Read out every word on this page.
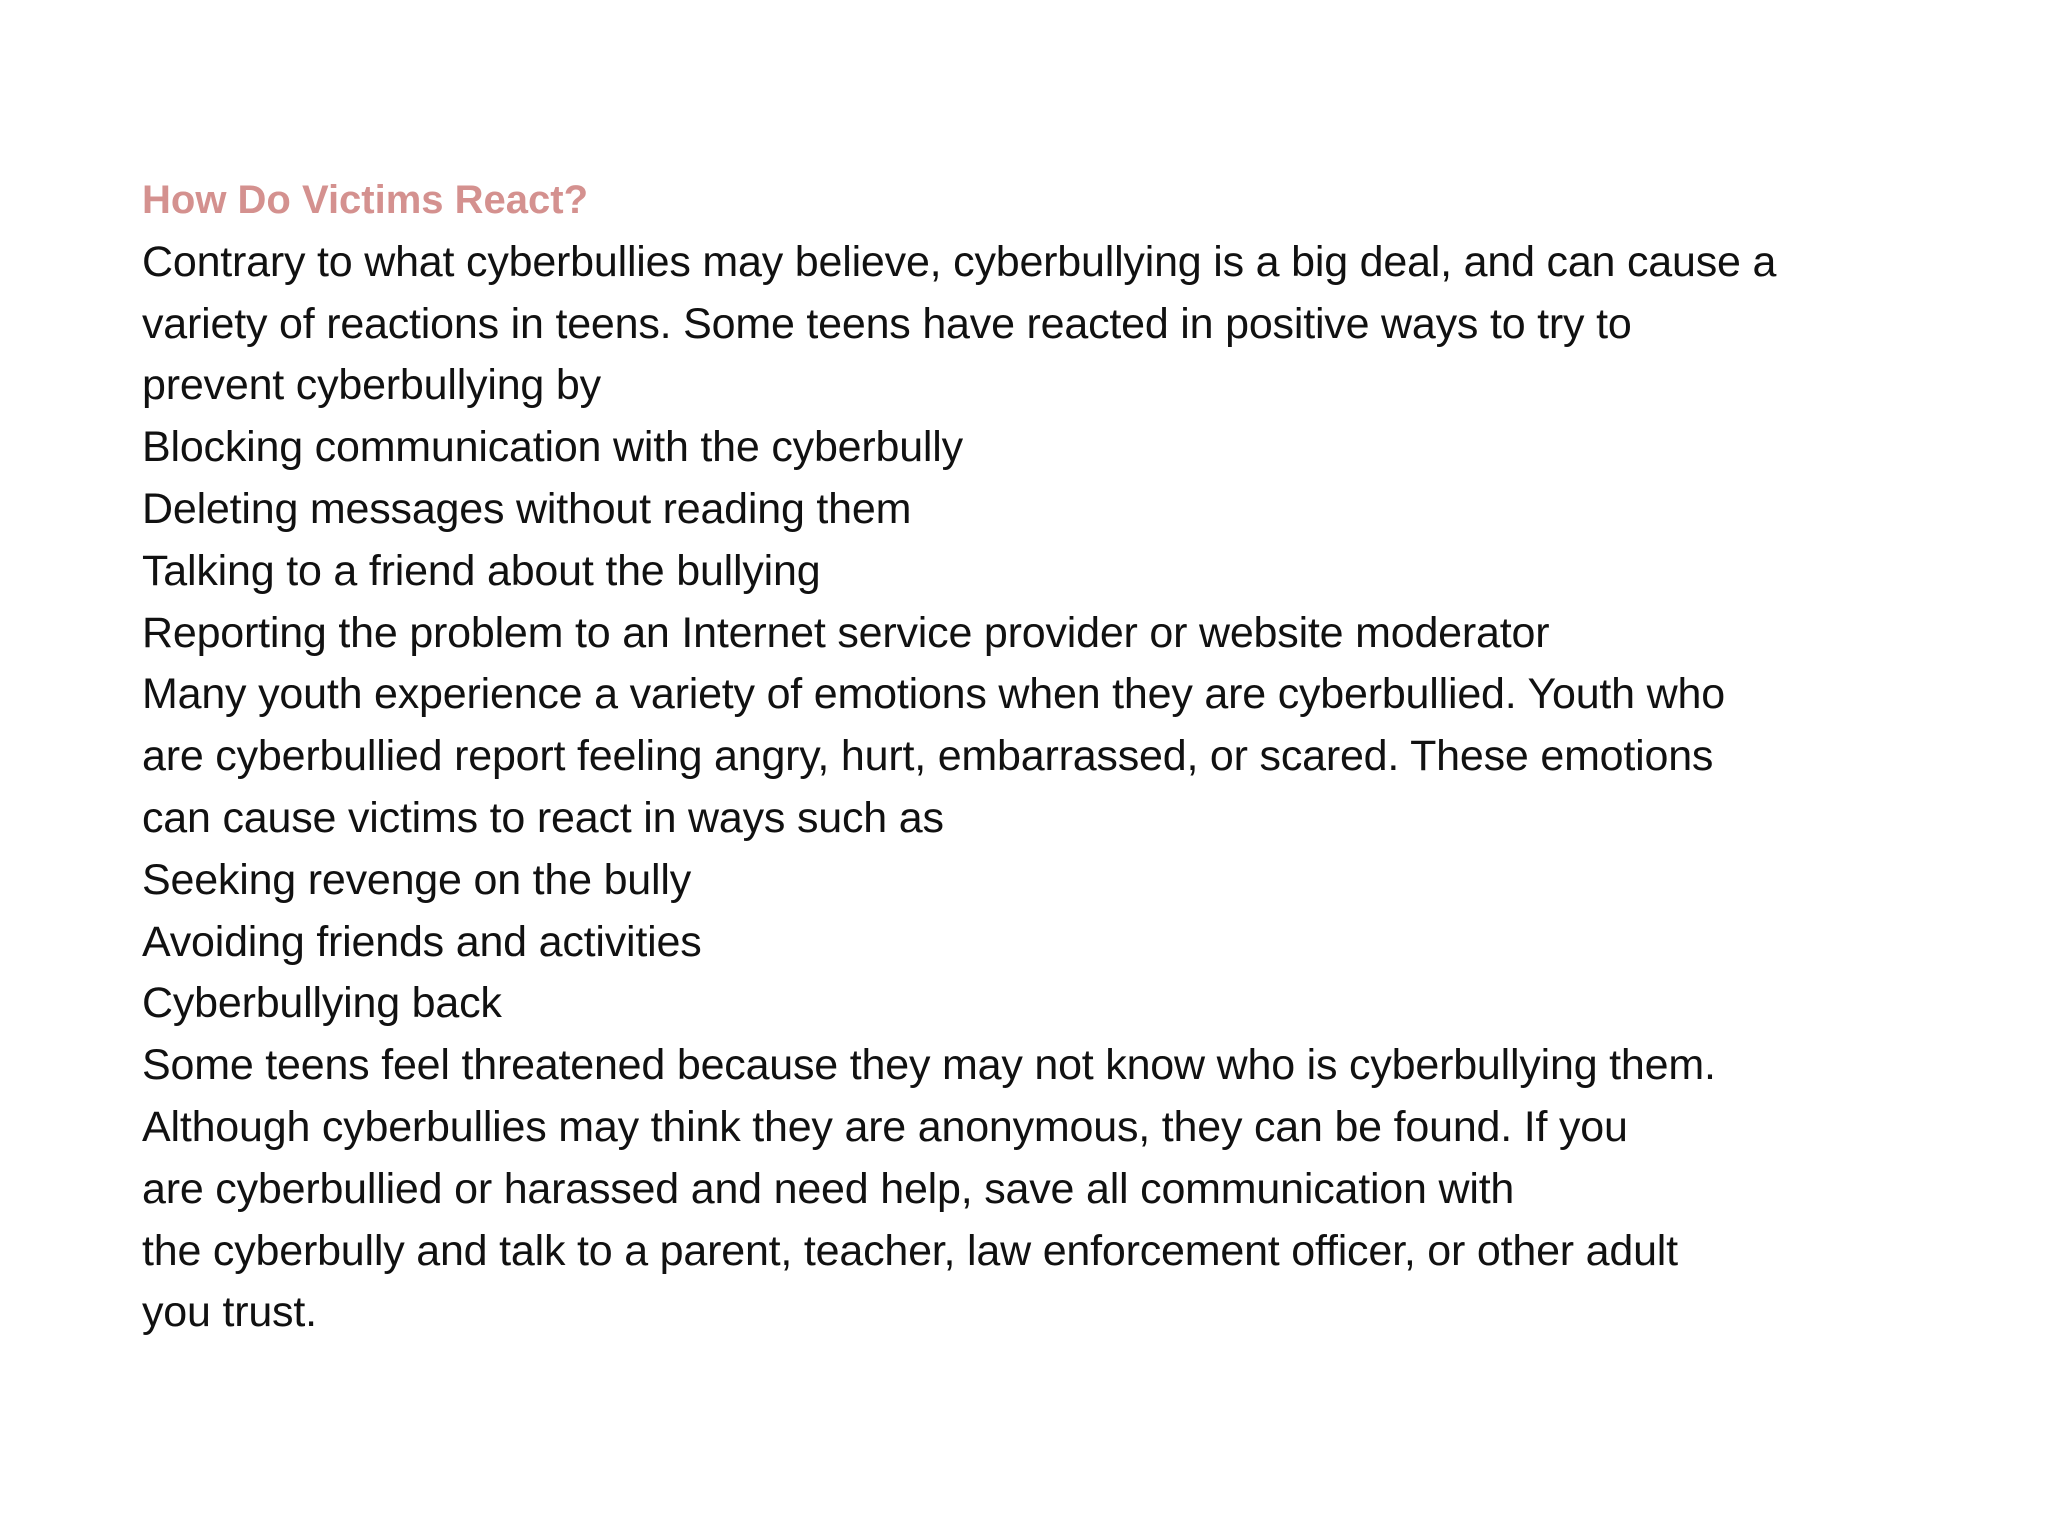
How Do Victims React?
Contrary to what cyberbullies may believe, cyberbullying is a big deal, and can cause a
variety of reactions in teens. Some teens have reacted in positive ways to try to
prevent cyberbullying by
Blocking communication with the cyberbully
Deleting messages without reading them
Talking to a friend about the bullying
Reporting the problem to an Internet service provider or website moderator
Many youth experience a variety of emotions when they are cyberbullied. Youth who
are cyberbullied report feeling angry, hurt, embarrassed, or scared. These emotions
can cause victims to react in ways such as
Seeking revenge on the bully
Avoiding friends and activities
Cyberbullying back
Some teens feel threatened because they may not know who is cyberbullying them.
Although cyberbullies may think they are anonymous, they can be found. If you
are cyberbullied or harassed and need help, save all communication with
the cyberbully and talk to a parent, teacher, law enforcement officer, or other adult
you trust.
